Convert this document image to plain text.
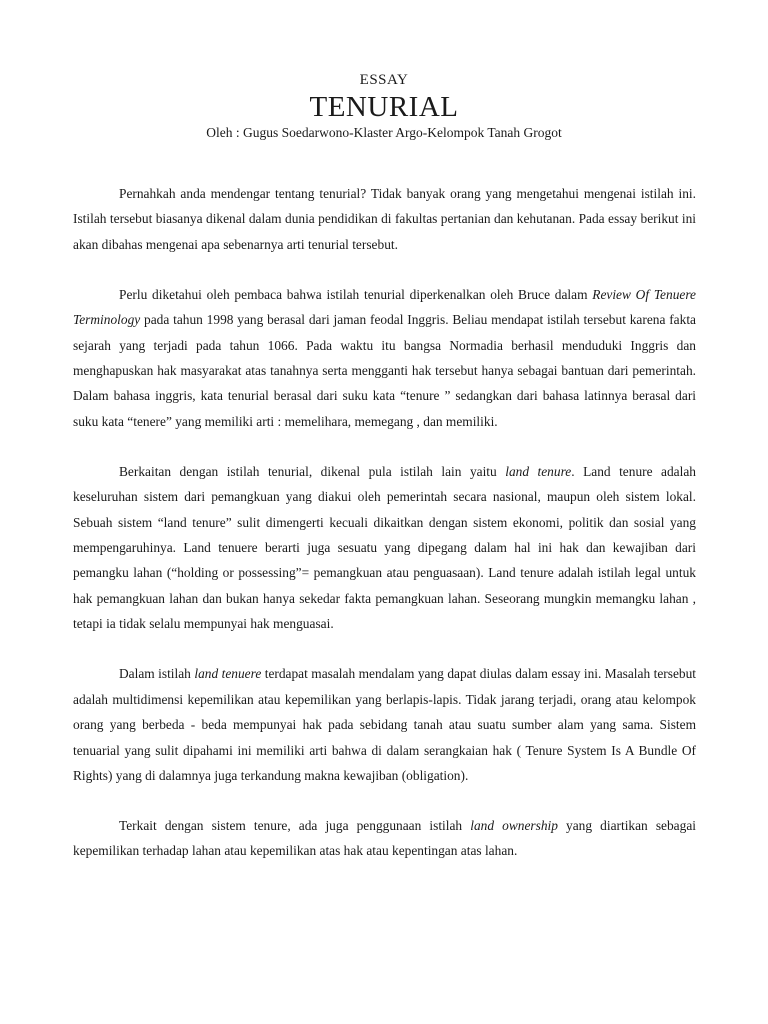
ESSAY
TENURIAL
Oleh : Gugus Soedarwono-Klaster Argo-Kelompok Tanah Grogot

Pernahkah anda mendengar tentang tenurial? Tidak banyak orang yang mengetahui mengenai istilah ini. Istilah tersebut biasanya dikenal dalam dunia pendidikan di fakultas pertanian dan kehutanan. Pada essay berikut ini akan dibahas mengenai apa sebenarnya arti tenurial tersebut.

Perlu diketahui oleh pembaca bahwa istilah tenurial diperkenalkan oleh Bruce dalam Review Of Tenuere Terminology pada tahun 1998 yang berasal dari jaman feodal Inggris. Beliau mendapat istilah tersebut karena fakta sejarah yang terjadi pada tahun 1066. Pada waktu itu bangsa Normadia berhasil menduduki Inggris dan menghapuskan hak masyarakat atas tanahnya serta mengganti hak tersebut hanya sebagai bantuan dari pemerintah. Dalam bahasa inggris, kata tenurial berasal dari suku kata “tenure ” sedangkan dari bahasa latinnya berasal dari suku kata “tenere” yang memiliki arti : memelihara, memegang , dan memiliki.

Berkaitan dengan istilah tenurial, dikenal pula istilah lain yaitu land tenure. Land tenure adalah keseluruhan sistem dari pemangkuan yang diakui oleh pemerintah secara nasional, maupun oleh sistem lokal. Sebuah sistem “land tenure” sulit dimengerti kecuali dikaitkan dengan sistem ekonomi, politik dan sosial yang mempengaruhinya. Land tenuere berarti juga sesuatu yang dipegang dalam hal ini hak dan kewajiban dari pemangku lahan (“holding or possessing”= pemangkuan atau penguasaan). Land tenure adalah istilah legal untuk hak pemangkuan lahan dan bukan hanya sekedar fakta pemangkuan lahan. Seseorang mungkin memangku lahan , tetapi ia tidak selalu mempunyai hak menguasai.

Dalam istilah land tenuere terdapat masalah mendalam yang dapat diulas dalam essay ini. Masalah tersebut adalah multidimensi kepemilikan atau kepemilikan yang berlapis-lapis. Tidak jarang terjadi, orang atau kelompok orang yang berbeda - beda mempunyai hak pada sebidang tanah atau suatu sumber alam yang sama. Sistem tenuarial yang sulit dipahami ini memiliki arti bahwa di dalam serangkaian hak ( Tenure System Is A Bundle Of Rights) yang di dalamnya juga terkandung makna kewajiban (obligation).

Terkait dengan sistem tenure, ada juga penggunaan istilah land ownership yang diartikan sebagai kepemilikan terhadap lahan atau kepemilikan atas hak atau kepentingan atas lahan.
